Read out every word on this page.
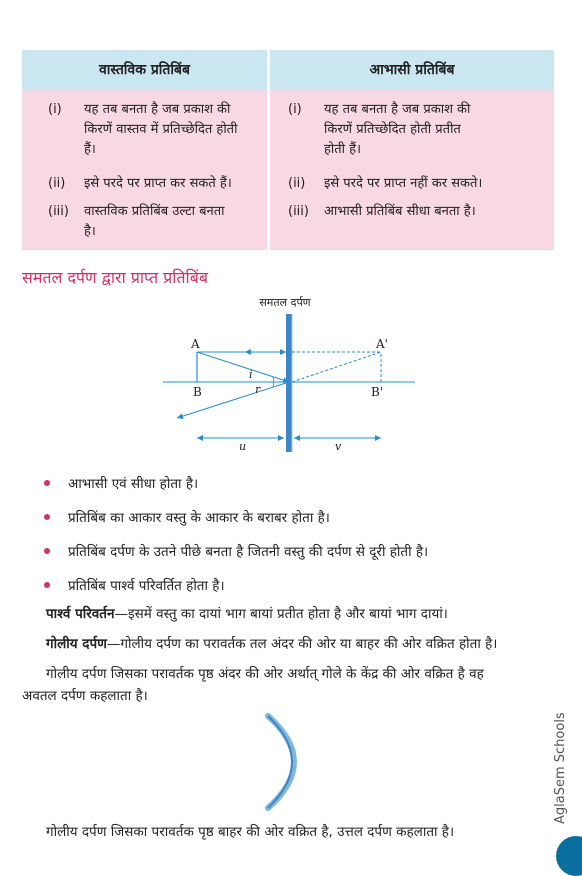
वास्तविक प्रतिबिंब	आभासी प्रतिबिंब
(i) यह तब बनता है जब प्रकाश की
किरणें वास्तव में प्रतिच्छेदित होती
हैं।
(ii) इसे परदे पर प्राप्त कर सकते हैं।
(iii) वास्तविक प्रतिबिंब उल्टा बनता
है।
(i) यह तब बनता है जब प्रकाश की
किरणें प्रतिच्छेदित होती प्रतीत
होती हैं।
(ii) इसे परदे पर प्राप्त नहीं कर सकते।
(iii) आभासी प्रतिबिंब सीधा बनता है।
समतल दर्पण द्वारा प्राप्त प्रतिबिंब
समतल दर्पण
A
B
A'
B'
i
r
u	v
आभासी एवं सीधा होता है।
प्रतिबिंब का आकार वस्तु के आकार के बराबर होता है।
प्रतिबिंब दर्पण के उतने पीछे बनता है जितनी वस्तु की दर्पण से दूरी होती है।
प्रतिबिंब पार्श्व परिवर्तित होता है।
पार्श्व परिवर्तन—इसमें वस्तु का दायां भाग बायां प्रतीत होता है और बायां भाग दायां।
गोलीय दर्पण—गोलीय दर्पण का परावर्तक तल अंदर की ओर या बाहर की ओर वक्रित होता है।
गोलीय दर्पण जिसका परावर्तक पृष्ठ अंदर की ओर अर्थात् गोले के केंद्र की ओर वक्रित है वह
अवतल दर्पण कहलाता है।
गोलीय दर्पण जिसका परावर्तक पृष्ठ बाहर की ओर वक्रित है, उत्तल दर्पण कहलाता है।
AglaSem Schools
